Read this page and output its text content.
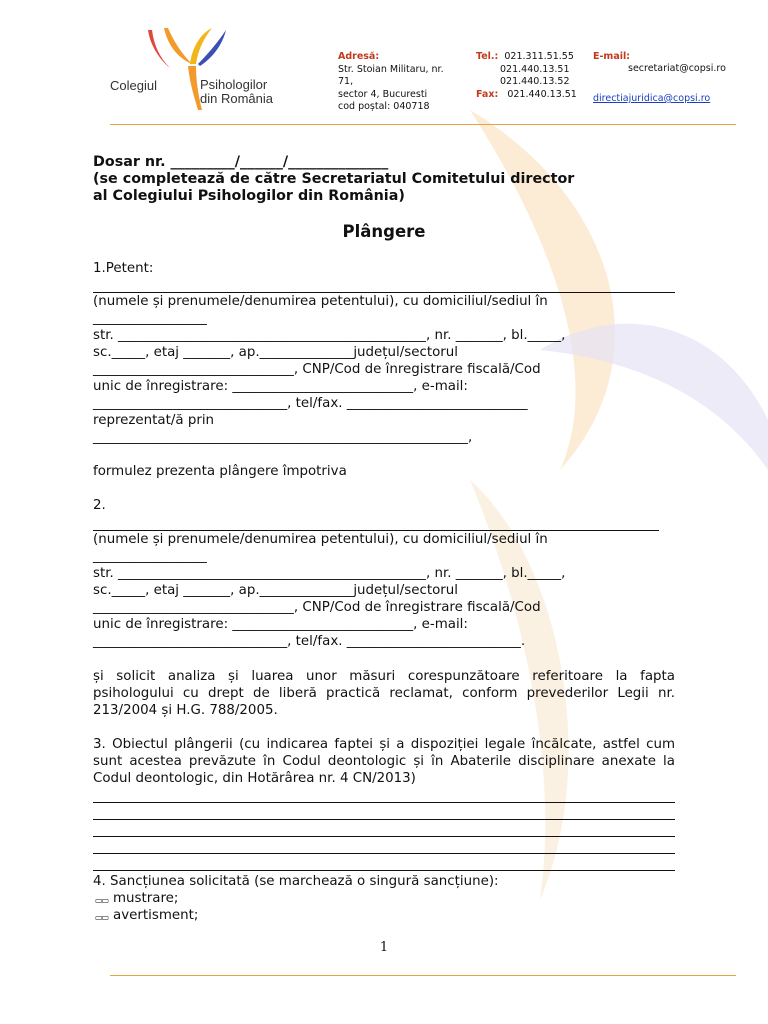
Colegiul	Psihologilor
din România
Adresă:
Str. Stoian Militaru, nr.
71,
sector 4, Bucuresti
cod poștal: 040718
Tel.: 021.311.51.55
021.440.13.51
021.440.13.52
Fax: 021.440.13.51
E-mail:
secretariat@copsi.ro
directiajuridica@copsi.ro
Dosar nr. _________/______/______________
(se completează de către Secretariatul Comitetului director
al Colegiului Psihologilor din România)
Plângere
1.Petent:
(numele și prenumele/denumirea petentului), cu domiciliul/sediul în
_________________
str. ______________________________________________, nr. _______, bl._____,
sc._____, etaj _______, ap.______________județul/sectorul
______________________________, CNP/Cod de înregistrare fiscală/Cod
unic de înregistrare: ___________________________, e-mail:
_____________________________, tel/fax. ___________________________
reprezentat/ă prin
________________________________________________________,
formulez prezenta plângere împotriva
2.
(numele și prenumele/denumirea petentului), cu domiciliul/sediul în
_________________
str. ______________________________________________, nr. _______, bl._____,
sc._____, etaj _______, ap.______________județul/sectorul
______________________________, CNP/Cod de înregistrare fiscală/Cod
unic de înregistrare: ___________________________, e-mail:
_____________________________, tel/fax. __________________________.
și solicit analiza și luarea unor măsuri corespunzătoare referitoare la fapta psihologului cu drept de liberă practică reclamat, conform prevederilor Legii nr. 213/2004 și H.G. 788/2005.
3. Obiectul plângerii (cu indicarea faptei și a dispoziției legale încălcate, astfel cum sunt acestea prevăzute în Codul deontologic și în Abaterile disciplinare anexate la Codul deontologic, din Hotărârea nr. 4 CN/2013)
4. Sancțiunea solicitată (se marchează o singură sancțiune):
▭▭ mustrare;
▭▭ avertisment;
1
